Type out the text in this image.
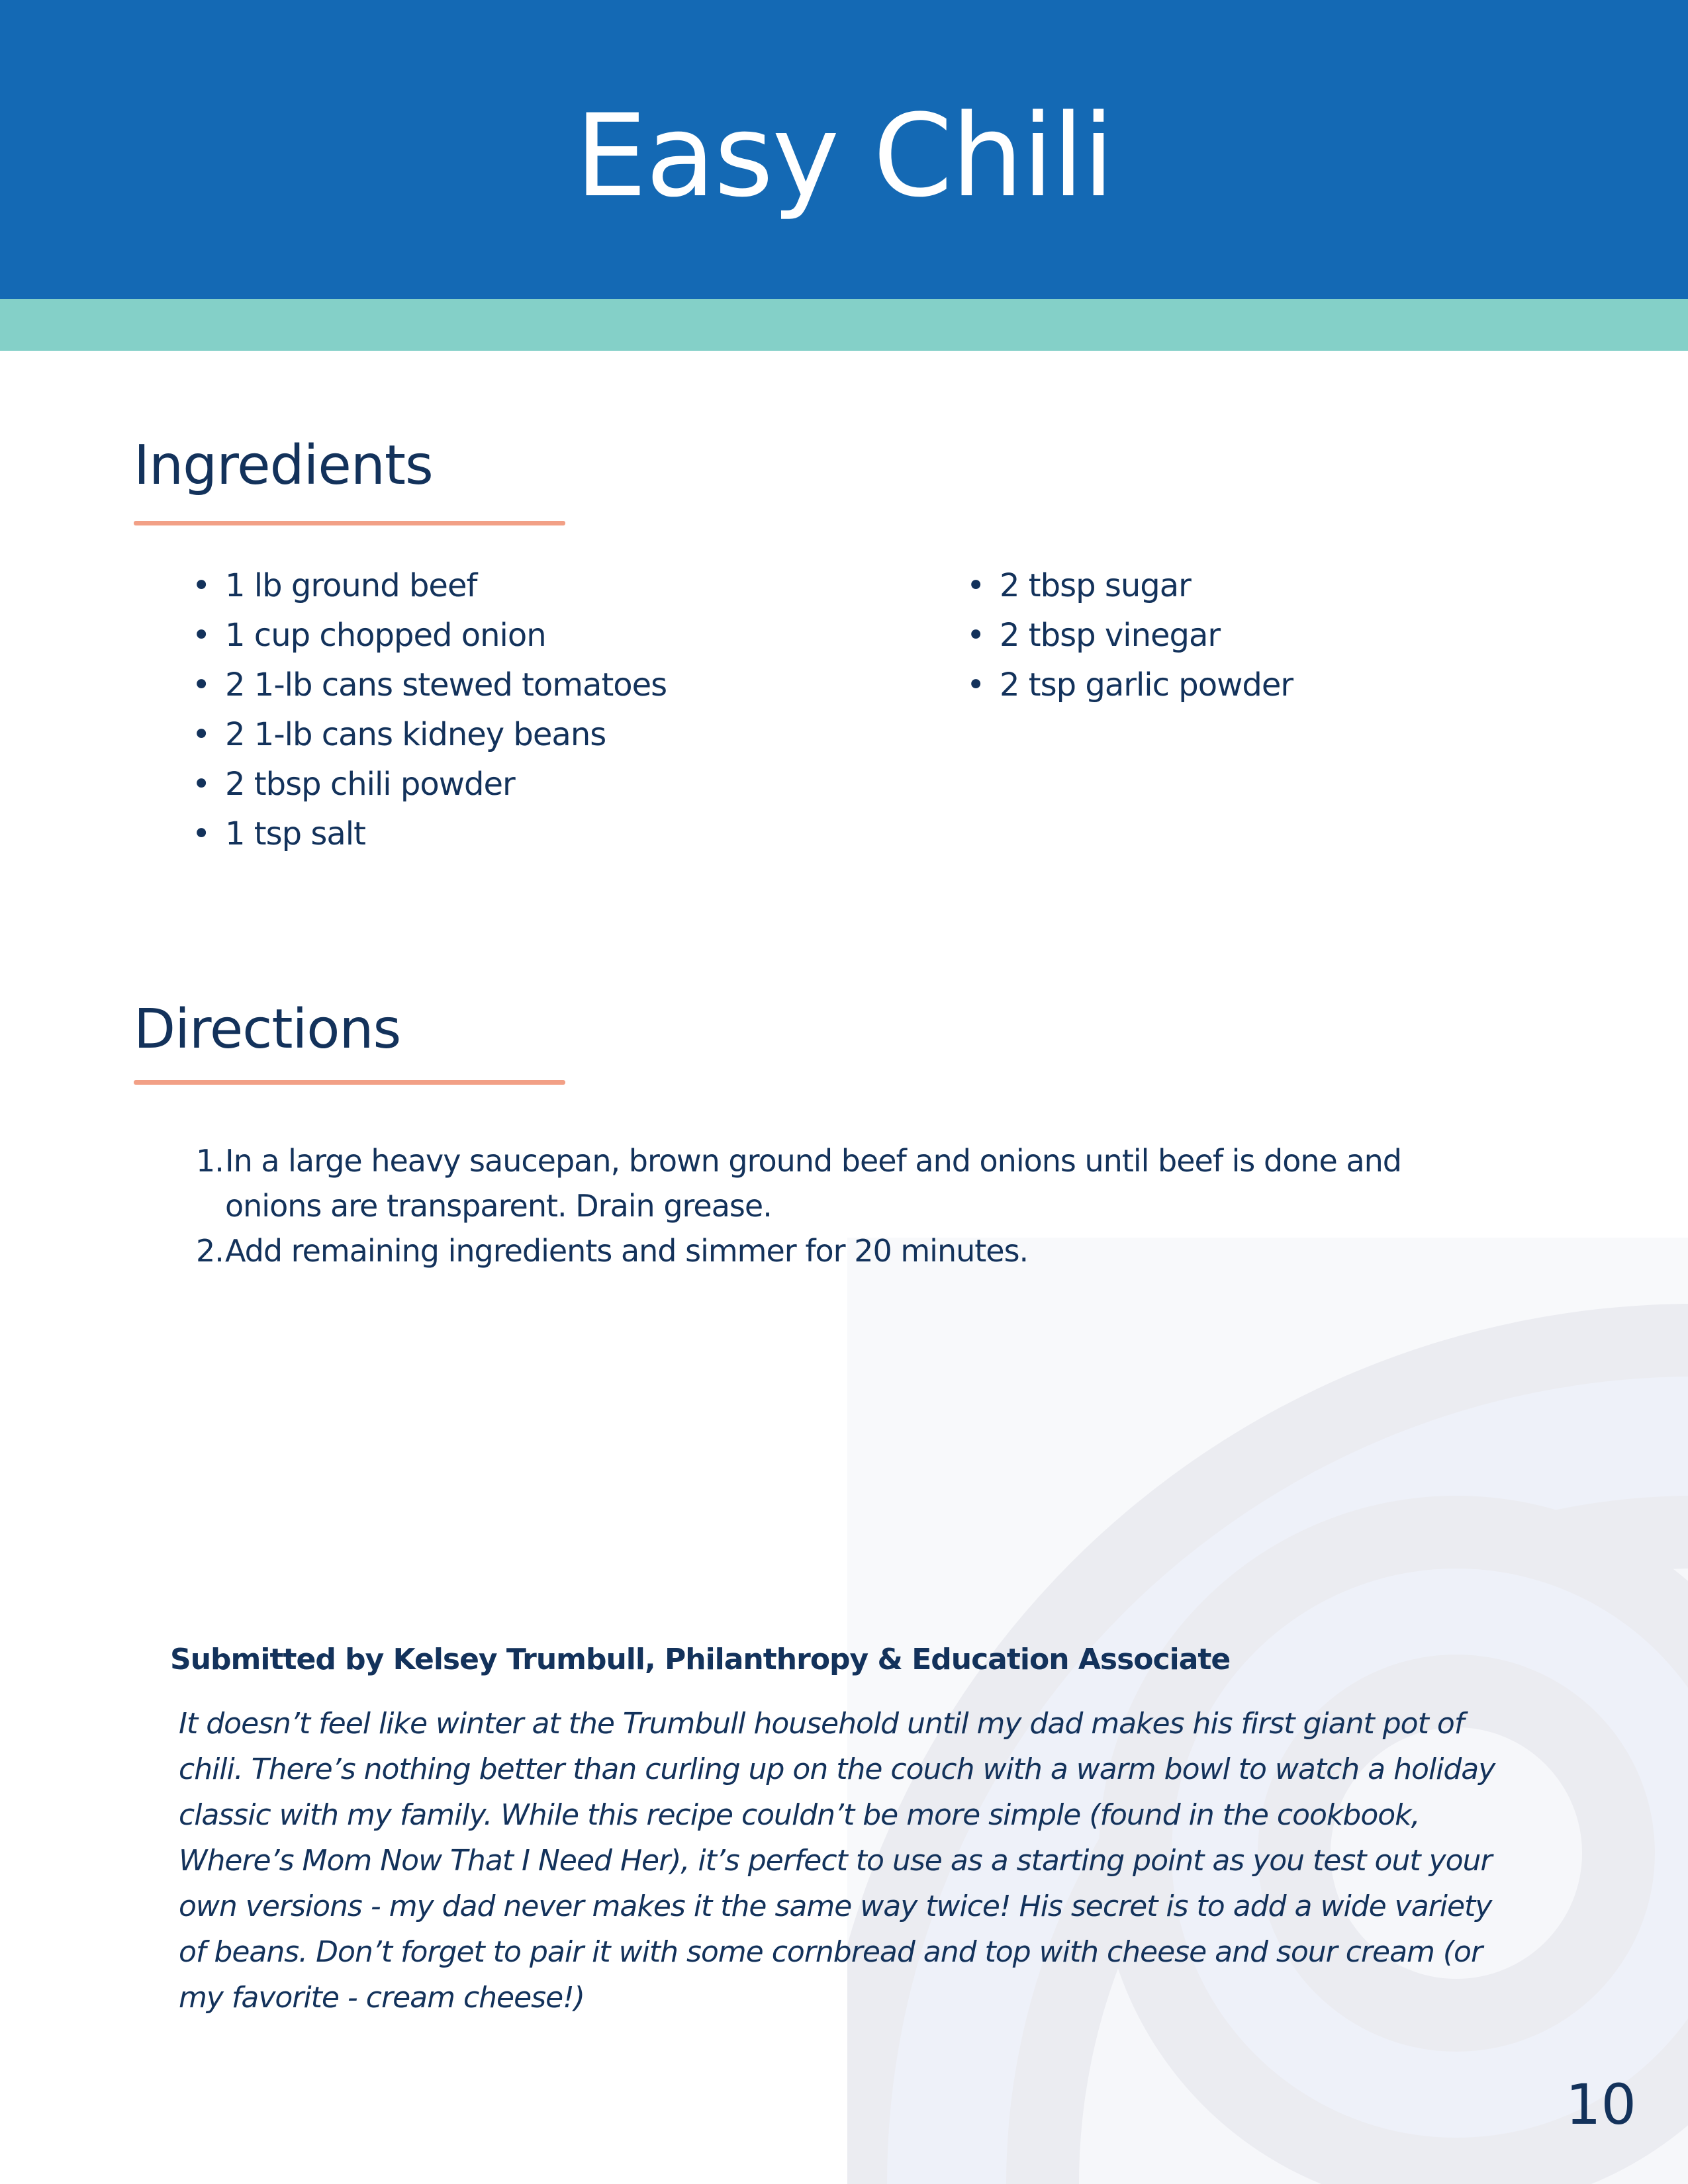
Easy Chili
Ingredients
• 1 lb ground beef
• 1 cup chopped onion
• 2 1-lb cans stewed tomatoes
• 2 1-lb cans kidney beans
• 2 tbsp chili powder
• 1 tsp salt
• 2 tbsp sugar
• 2 tbsp vinegar
• 2 tsp garlic powder
Directions
1. In a large heavy saucepan, brown ground beef and onions until beef is done and onions are transparent. Drain grease.
2. Add remaining ingredients and simmer for 20 minutes.
Submitted by Kelsey Trumbull, Philanthropy & Education Associate
It doesn’t feel like winter at the Trumbull household until my dad makes his first giant pot of chili. There’s nothing better than curling up on the couch with a warm bowl to watch a holiday classic with my family. While this recipe couldn’t be more simple (found in the cookbook, Where’s Mom Now That I Need Her), it’s perfect to use as a starting point as you test out your own versions - my dad never makes it the same way twice! His secret is to add a wide variety of beans. Don’t forget to pair it with some cornbread and top with cheese and sour cream (or my favorite - cream cheese!)
10
